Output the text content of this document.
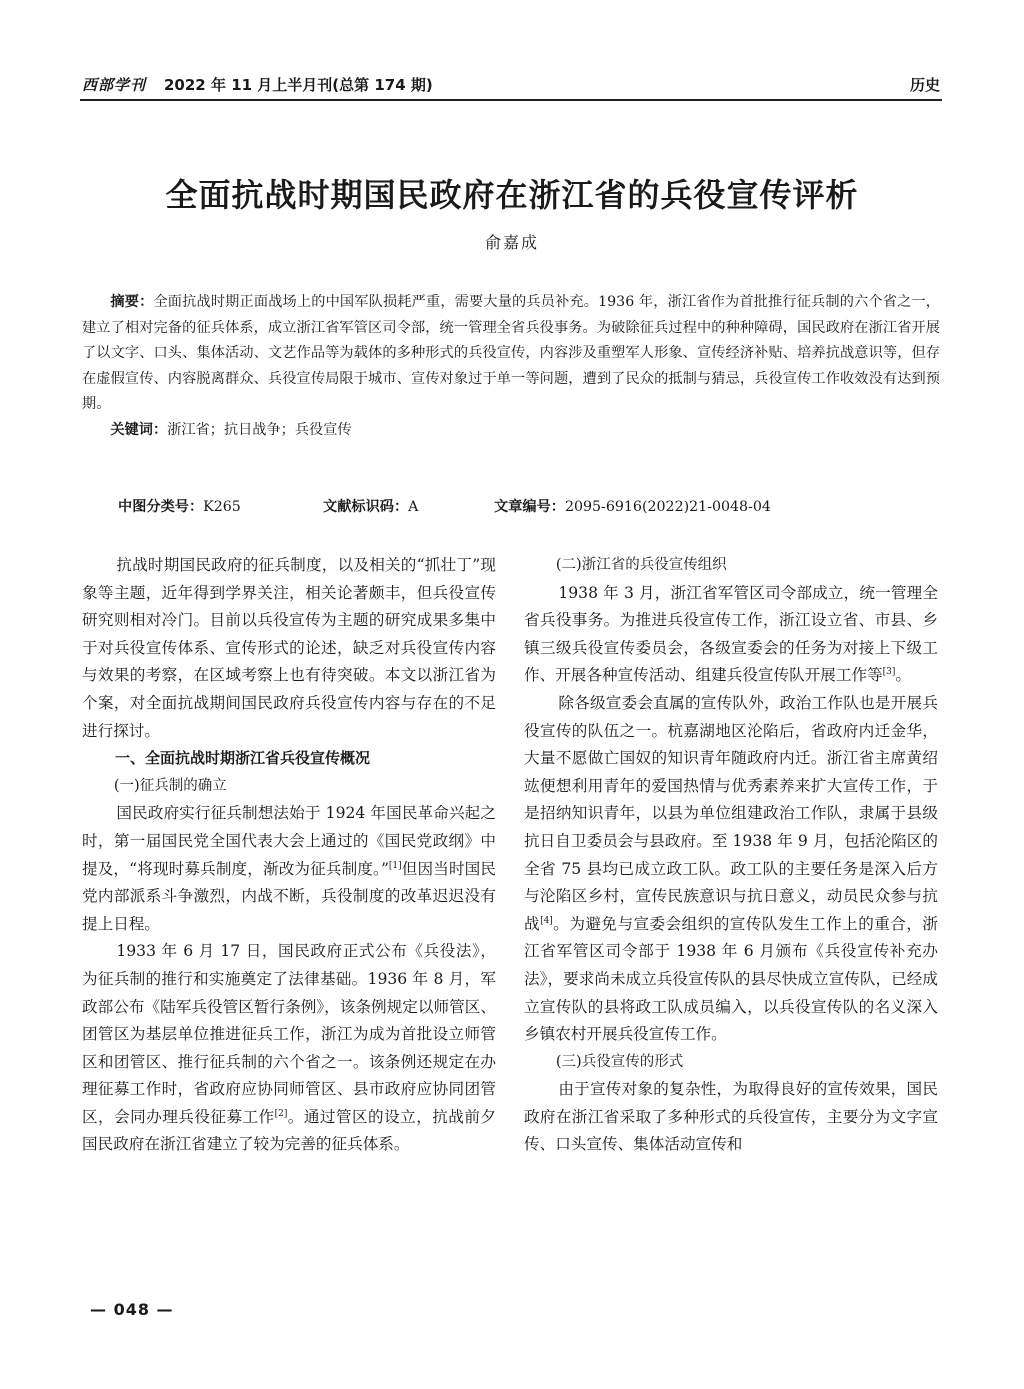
西部学刊 2022 年 11 月上半月刊(总第 174 期)	历史
全面抗战时期国民政府在浙江省的兵役宣传评析
俞嘉成

摘要：全面抗战时期正面战场上的中国军队损耗严重，需要大量的兵员补充。1936 年，浙江省作为首批推行征兵制的六个省之一，建立了相对完备的征兵体系，成立浙江省军管区司令部，统一管理全省兵役事务。为破除征兵过程中的种种障碍，国民政府在浙江省开展了以文字、口头、集体活动、文艺作品等为载体的多种形式的兵役宣传，内容涉及重塑军人形象、宣传经济补贴、培养抗战意识等，但存在虚假宣传、内容脱离群众、兵役宣传局限于城市、宣传对象过于单一等问题，遭到了民众的抵制与猜忌，兵役宣传工作收效没有达到预期。

关键词：浙江省；抗日战争；兵役宣传

中图分类号：K265	文献标识码：A	文章编号：2095-6916(2022)21-0048-04

抗战时期国民政府的征兵制度，以及相关的“抓壮丁”现象等主题，近年得到学界关注，相关论著颇丰，但兵役宣传研究则相对冷门。目前以兵役宣传为主题的研究成果多集中于对兵役宣传体系、宣传形式的论述，缺乏对兵役宣传内容与效果的考察，在区域考察上也有待突破。本文以浙江省为个案，对全面抗战期间国民政府兵役宣传内容与存在的不足进行探讨。

一、全面抗战时期浙江省兵役宣传概况

(一)征兵制的确立

国民政府实行征兵制想法始于 1924 年国民革命兴起之时，第一届国民党全国代表大会上通过的《国民党政纲》中提及，“将现时募兵制度，渐改为征兵制度。”[1]但因当时国民党内部派系斗争激烈，内战不断，兵役制度的改革迟迟没有提上日程。

1933 年 6 月 17 日，国民政府正式公布《兵役法》，为征兵制的推行和实施奠定了法律基础。1936 年 8 月，军政部公布《陆军兵役管区暂行条例》，该条例规定以师管区、团管区为基层单位推进征兵工作，浙江为成为首批设立师管区和团管区、推行征兵制的六个省之一。该条例还规定在办理征募工作时，省政府应协同师管区、县市政府应协同团管区，会同办理兵役征募工作[2]。通过管区的设立，抗战前夕国民政府在浙江省建立了较为完善的征兵体系。

(二)浙江省的兵役宣传组织

1938 年 3 月，浙江省军管区司令部成立，统一管理全省兵役事务。为推进兵役宣传工作，浙江设立省、市县、乡镇三级兵役宣传委员会，各级宣委会的任务为对接上下级工作、开展各种宣传活动、组建兵役宣传队开展工作等[3]。

除各级宣委会直属的宣传队外，政治工作队也是开展兵役宣传的队伍之一。杭嘉湖地区沦陷后，省政府内迁金华，大量不愿做亡国奴的知识青年随政府内迁。浙江省主席黄绍竑便想利用青年的爱国热情与优秀素养来扩大宣传工作，于是招纳知识青年，以县为单位组建政治工作队，隶属于县级抗日自卫委员会与县政府。至 1938 年 9 月，包括沦陷区的全省 75 县均已成立政工队。政工队的主要任务是深入后方与沦陷区乡村，宣传民族意识与抗日意义，动员民众参与抗战[4]。为避免与宣委会组织的宣传队发生工作上的重合，浙江省军管区司令部于 1938 年 6 月颁布《兵役宣传补充办法》，要求尚未成立兵役宣传队的县尽快成立宣传队，已经成立宣传队的县将政工队成员编入，以兵役宣传队的名义深入乡镇农村开展兵役宣传工作。

(三)兵役宣传的形式

由于宣传对象的复杂性，为取得良好的宣传效果，国民政府在浙江省采取了多种形式的兵役宣传，主要分为文字宣传、口头宣传、集体活动宣传和

— 048 —
